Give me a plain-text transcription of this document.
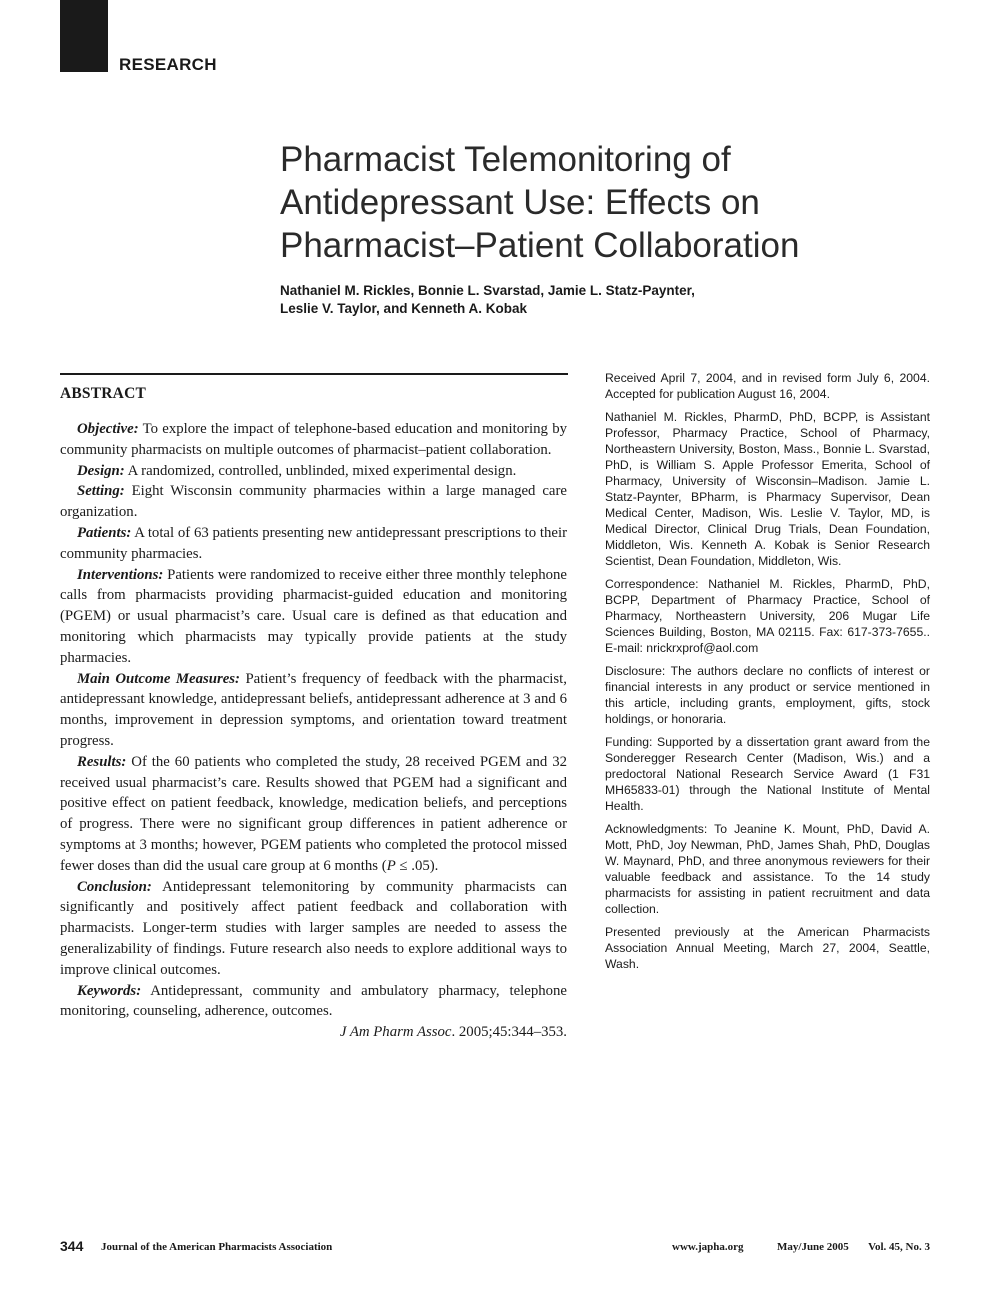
RESEARCH
Pharmacist Telemonitoring of Antidepressant Use: Effects on Pharmacist–Patient Collaboration
Nathaniel M. Rickles, Bonnie L. Svarstad, Jamie L. Statz-Paynter,
Leslie V. Taylor, and Kenneth A. Kobak
ABSTRACT

Objective: To explore the impact of telephone-based education and monitoring by community pharmacists on multiple outcomes of pharmacist–patient collaboration.

Design: A randomized, controlled, unblinded, mixed experimental design.

Setting: Eight Wisconsin community pharmacies within a large managed care organization.

Patients: A total of 63 patients presenting new antidepressant prescriptions to their community pharmacies.

Interventions: Patients were randomized to receive either three monthly telephone calls from pharmacists providing pharmacist-guided education and monitoring (PGEM) or usual pharmacist’s care. Usual care is defined as that education and monitoring which pharmacists may typically provide patients at the study pharmacies.

Main Outcome Measures: Patient’s frequency of feedback with the pharmacist, antidepressant knowledge, antidepressant beliefs, antidepressant adherence at 3 and 6 months, improvement in depression symptoms, and orientation toward treatment progress.

Results: Of the 60 patients who completed the study, 28 received PGEM and 32 received usual pharmacist’s care. Results showed that PGEM had a significant and positive effect on patient feedback, knowledge, medication beliefs, and perceptions of progress. There were no significant group differences in patient adherence or symptoms at 3 months; however, PGEM patients who completed the protocol missed fewer doses than did the usual care group at 6 months (P ≤ .05).

Conclusion: Antidepressant telemonitoring by community pharmacists can significantly and positively affect patient feedback and collaboration with pharmacists. Longer-term studies with larger samples are needed to assess the generalizability of findings. Future research also needs to explore additional ways to improve clinical outcomes.

Keywords: Antidepressant, community and ambulatory pharmacy, telephone monitoring, counseling, adherence, outcomes.

J Am Pharm Assoc. 2005;45:344–353.

Received April 7, 2004, and in revised form July 6, 2004. Accepted for publication August 16, 2004.

Nathaniel M. Rickles, PharmD, PhD, BCPP, is Assistant Professor, Pharmacy Practice, School of Pharmacy, Northeastern University, Boston, Mass., Bonnie L. Svarstad, PhD, is William S. Apple Professor Emerita, School of Pharmacy, University of Wisconsin–Madison. Jamie L. Statz-Paynter, BPharm, is Pharmacy Supervisor, Dean Medical Center, Madison, Wis. Leslie V. Taylor, MD, is Medical Director, Clinical Drug Trials, Dean Foundation, Middleton, Wis. Kenneth A. Kobak is Senior Research Scientist, Dean Foundation, Middleton, Wis.

Correspondence: Nathaniel M. Rickles, PharmD, PhD, BCPP, Department of Pharmacy Practice, School of Pharmacy, Northeastern University, 206 Mugar Life Sciences Building, Boston, MA 02115. Fax: 617-373-7655.. E-mail: nrickrxprof@aol.com

Disclosure: The authors declare no conflicts of interest or financial interests in any product or service mentioned in this article, including grants, employment, gifts, stock holdings, or honoraria.

Funding: Supported by a dissertation grant award from the Sonderegger Research Center (Madison, Wis.) and a predoctoral National Research Service Award (1 F31 MH65833-01) through the National Institute of Mental Health.

Acknowledgments: To Jeanine K. Mount, PhD, David A. Mott, PhD, Joy Newman, PhD, James Shah, PhD, Douglas W. Maynard, PhD, and three anonymous reviewers for their valuable feedback and assistance. To the 14 study pharmacists for assisting in patient recruitment and data collection.

Presented previously at the American Pharmacists Association Annual Meeting, March 27, 2004, Seattle, Wash.

344 Journal of the American Pharmacists Association	www.japha.org	May/June 2005 Vol. 45, No. 3
